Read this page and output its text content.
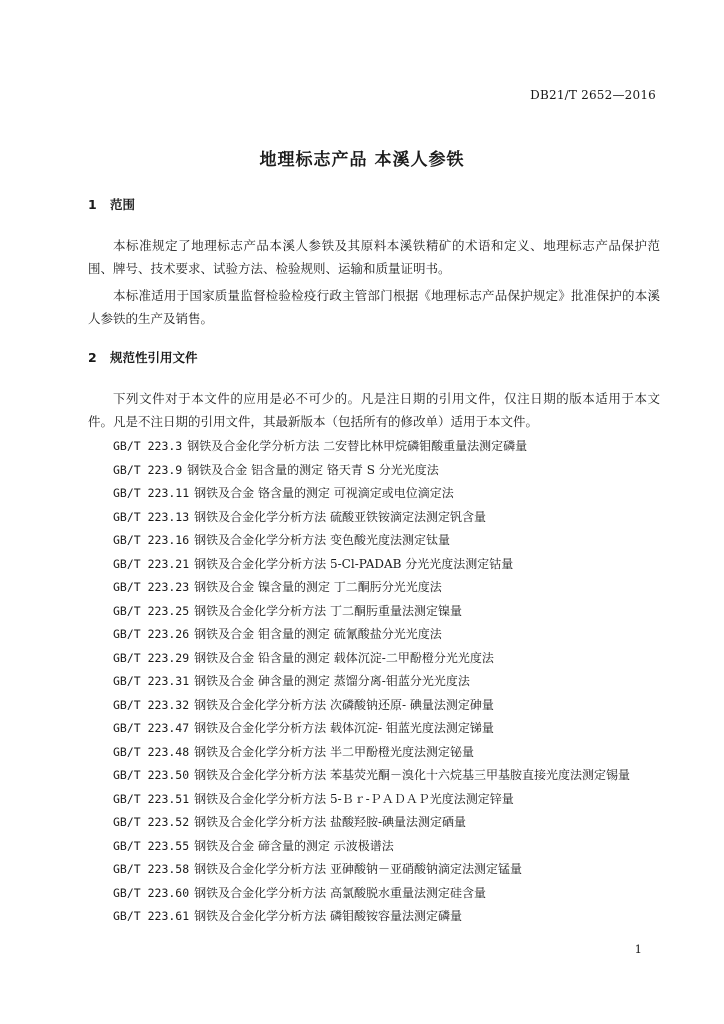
DB21/T 2652—2016
地理标志产品 本溪人参铁
1 范围

本标准规定了地理标志产品本溪人参铁及其原料本溪铁精矿的术语和定义、地理标志产品保护范围、牌号、技术要求、试验方法、检验规则、运输和质量证明书。

本标准适用于国家质量监督检验检疫行政主管部门根据《地理标志产品保护规定》批准保护的本溪人参铁的生产及销售。

2 规范性引用文件

下列文件对于本文件的应用是必不可少的。凡是注日期的引用文件，仅注日期的版本适用于本文件。凡是不注日期的引用文件，其最新版本（包括所有的修改单）适用于本文件。

GB/T 223.3 钢铁及合金化学分析方法 二安替比林甲烷磷钼酸重量法测定磷量
GB/T 223.9 钢铁及合金 铝含量的测定 铬天青 S 分光光度法
GB/T 223.11 钢铁及合金 铬含量的测定 可视滴定或电位滴定法
GB/T 223.13 钢铁及合金化学分析方法 硫酸亚铁铵滴定法测定钒含量
GB/T 223.16 钢铁及合金化学分析方法 变色酸光度法测定钛量
GB/T 223.21 钢铁及合金化学分析方法 5-Cl-PADAB 分光光度法测定钴量
GB/T 223.23 钢铁及合金 镍含量的测定 丁二酮肟分光光度法
GB/T 223.25 钢铁及合金化学分析方法 丁二酮肟重量法测定镍量
GB/T 223.26 钢铁及合金 钼含量的测定 硫氰酸盐分光光度法
GB/T 223.29 钢铁及合金 铅含量的测定 载体沉淀-二甲酚橙分光光度法
GB/T 223.31 钢铁及合金 砷含量的测定 蒸馏分离-钼蓝分光光度法
GB/T 223.32 钢铁及合金化学分析方法 次磷酸钠还原- 碘量法测定砷量
GB/T 223.47 钢铁及合金化学分析方法 载体沉淀- 钼蓝光度法测定锑量
GB/T 223.48 钢铁及合金化学分析方法 半二甲酚橙光度法测定铋量
GB/T 223.50 钢铁及合金化学分析方法 苯基荧光酮－溴化十六烷基三甲基胺直接光度法测定锡量
GB/T 223.51 钢铁及合金化学分析方法 5-Ｂｒ-ＰＡＤＡＰ光度法测定锌量
GB/T 223.52 钢铁及合金化学分析方法 盐酸羟胺-碘量法测定硒量
GB/T 223.55 钢铁及合金 碲含量的测定 示波极谱法
GB/T 223.58 钢铁及合金化学分析方法 亚砷酸钠－亚硝酸钠滴定法测定锰量
GB/T 223.60 钢铁及合金化学分析方法 高氯酸脱水重量法测定硅含量
GB/T 223.61 钢铁及合金化学分析方法 磷钼酸铵容量法测定磷量
1
